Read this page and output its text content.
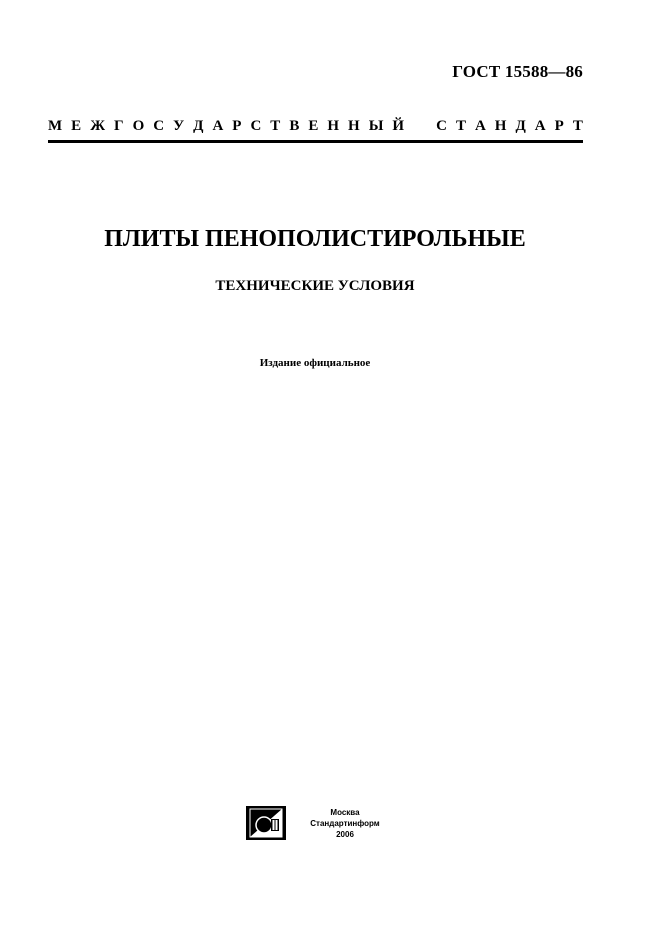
ГОСТ 15588—86
М Е Ж Г О С У Д А Р С Т В Е Н Н Ы Й С Т А Н Д А Р Т
ПЛИТЫ ПЕНОПОЛИСТИРОЛЬНЫЕ
ТЕХНИЧЕСКИЕ УСЛОВИЯ
Издание официальное
Москва
Стандартинформ
2006
